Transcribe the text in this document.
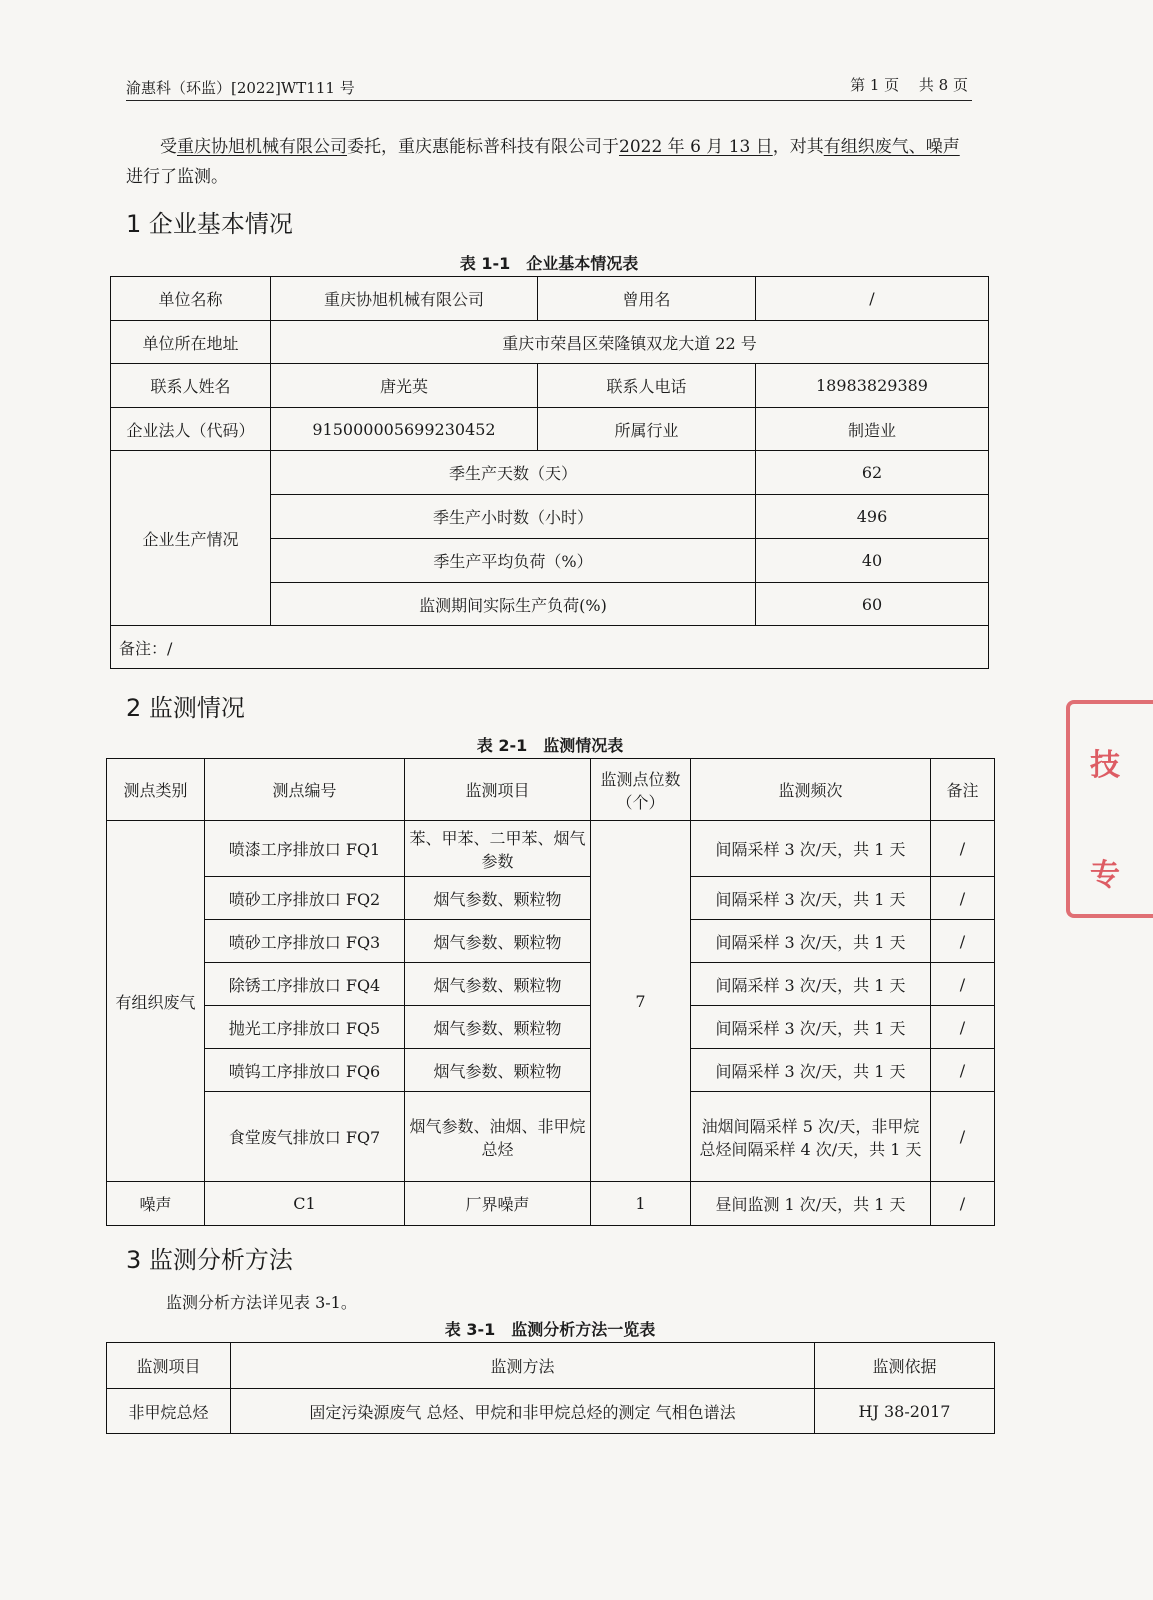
渝惠科（环监）[2022]WT111 号	第 1 页　 共 8 页
受重庆协旭机械有限公司委托，重庆惠能标普科技有限公司于2022 年 6 月 13 日，对其有组织废气、噪声进行了监测。
1 企业基本情况
表 1-1　企业基本情况表
单位名称	重庆协旭机械有限公司	曾用名	/
单位所在地址	重庆市荣昌区荣隆镇双龙大道 22 号		
联系人姓名	唐光英	联系人电话	18983829389
企业法人（代码）	915000005699230452	所属行业	制造业
企业生产情况	季生产天数（天）		62
	季生产小时数（小时）		496
	季生产平均负荷（%）		40
	监测期间实际生产负荷(%)		60
备注：/			
2 监测情况
表 2-1　监测情况表
测点类别	测点编号	监测项目	监测点位数（个）	监测频次	备注
有组织废气	喷漆工序排放口 FQ1	苯、甲苯、二甲苯、烟气参数	7	间隔采样 3 次/天，共 1 天	/
	喷砂工序排放口 FQ2	烟气参数、颗粒物		间隔采样 3 次/天，共 1 天	/
	喷砂工序排放口 FQ3	烟气参数、颗粒物		间隔采样 3 次/天，共 1 天	/
	除锈工序排放口 FQ4	烟气参数、颗粒物		间隔采样 3 次/天，共 1 天	/
	抛光工序排放口 FQ5	烟气参数、颗粒物		间隔采样 3 次/天，共 1 天	/
	喷钨工序排放口 FQ6	烟气参数、颗粒物		间隔采样 3 次/天，共 1 天	/
	食堂废气排放口 FQ7	烟气参数、油烟、非甲烷总烃		油烟间隔采样 5 次/天，非甲烷总烃间隔采样 4 次/天，共 1 天	/
噪声	C1	厂界噪声	1	昼间监测 1 次/天，共 1 天	/
3 监测分析方法
监测分析方法详见表 3-1。
表 3-1　监测分析方法一览表
监测项目	监测方法	监测依据
非甲烷总烃	固定污染源废气 总烃、甲烷和非甲烷总烃的测定 气相色谱法	HJ 38-2017
技
专
